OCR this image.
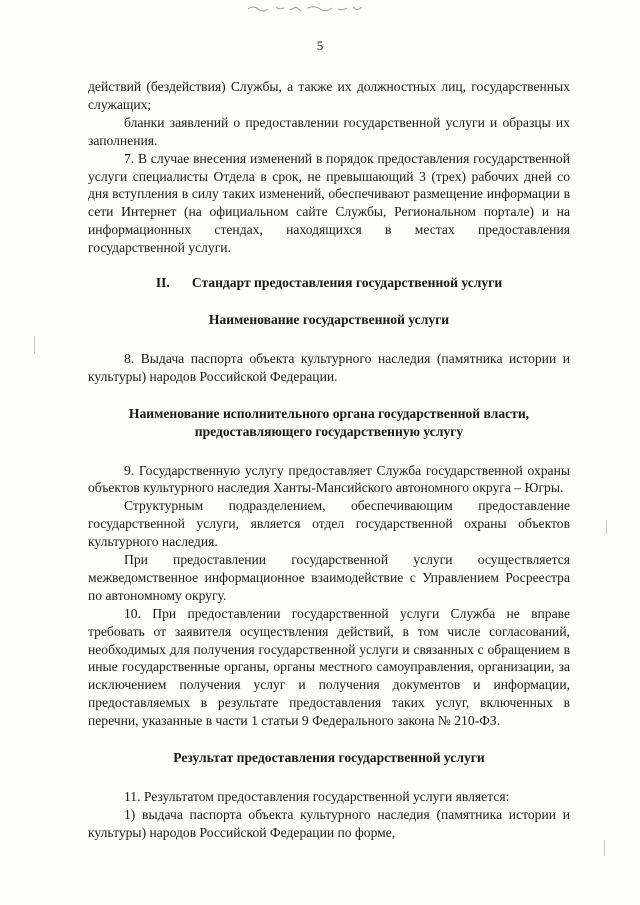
5

действий (бездействия) Службы, а также их должностных лиц, государственных служащих;

бланки заявлений о предоставлении государственной услуги и образцы их заполнения.

7. В случае внесения изменений в порядок предоставления государственной услуги специалисты Отдела в срок, не превышающий 3 (трех) рабочих дней со дня вступления в силу таких изменений, обеспечивают размещение информации в сети Интернет (на официальном сайте Службы, Региональном портале) и на информационных стендах, находящихся в местах предоставления государственной услуги.

II. Стандарт предоставления государственной услуги
Наименование государственной услуги

8. Выдача паспорта объекта культурного наследия (памятника истории и культуры) народов Российской Федерации.

Наименование исполнительного органа государственной власти,
предоставляющего государственную услугу

9. Государственную услугу предоставляет Служба государственной охраны объектов культурного наследия Ханты-Мансийского автономного округа – Югры.

Структурным подразделением, обеспечивающим предоставление государственной услуги, является отдел государственной охраны объектов культурного наследия.

При предоставлении государственной услуги осуществляется межведомственное информационное взаимодействие с Управлением Росреестра по автономному округу.

10. При предоставлении государственной услуги Служба не вправе требовать от заявителя осуществления действий, в том числе согласований, необходимых для получения государственной услуги и связанных с обращением в иные государственные органы, органы местного самоуправления, организации, за исключением получения услуг и получения документов и информации, предоставляемых в результате предоставления таких услуг, включенных в перечни, указанные в части 1 статьи 9 Федерального закона № 210-ФЗ.

Результат предоставления государственной услуги

11. Результатом предоставления государственной услуги является:

1) выдача паспорта объекта культурного наследия (памятника истории и культуры) народов Российской Федерации по форме,
